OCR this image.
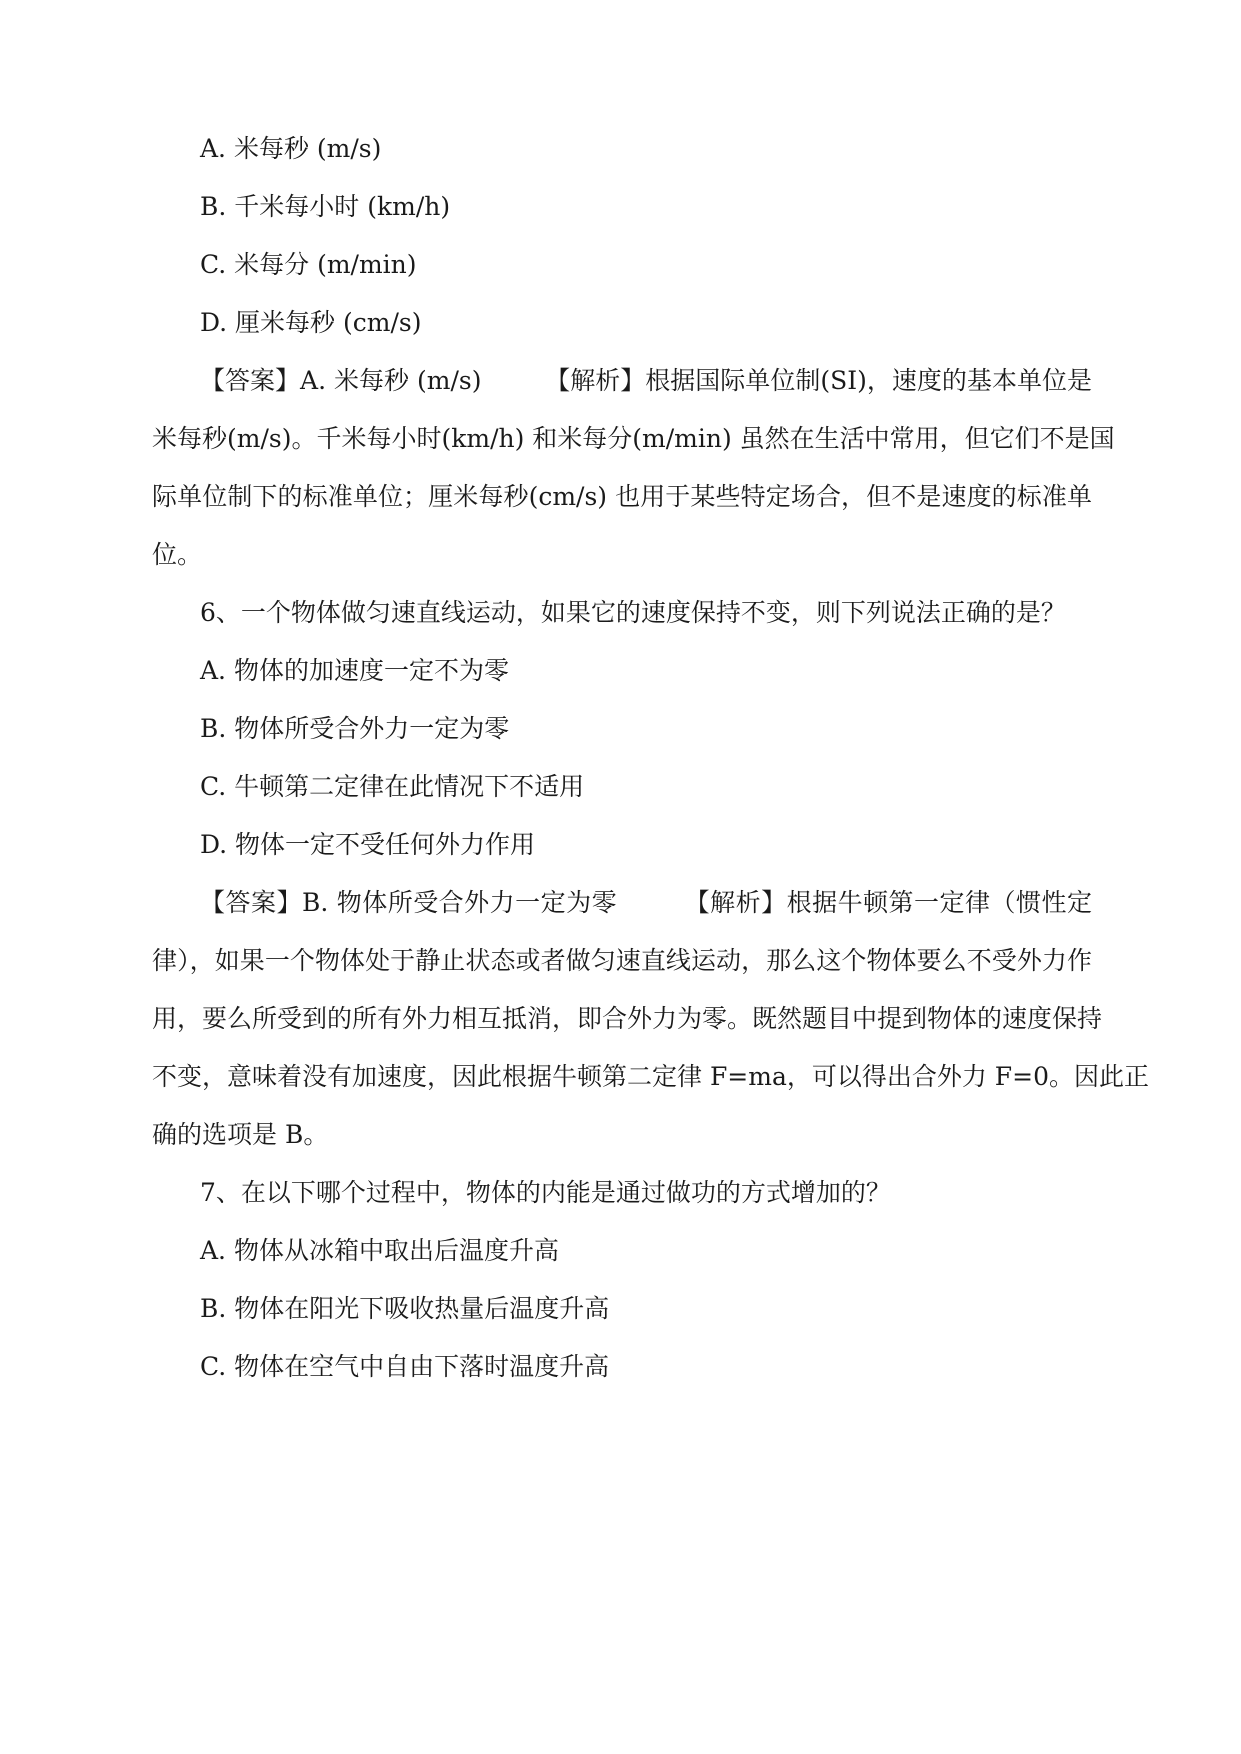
A. 米每秒 (m/s)
B. 千米每小时 (km/h)
C. 米每分 (m/min)
D. 厘米每秒 (cm/s)
【答案】A. 米每秒 (m/s)        【解析】根据国际单位制(SI)，速度的基本单位是
米每秒(m/s)。千米每小时(km/h) 和米每分(m/min) 虽然在生活中常用，但它们不是国
际单位制下的标准单位；厘米每秒(cm/s) 也用于某些特定场合，但不是速度的标准单
位。
6、一个物体做匀速直线运动，如果它的速度保持不变，则下列说法正确的是？
A. 物体的加速度一定不为零
B. 物体所受合外力一定为零
C. 牛顿第二定律在此情况下不适用
D. 物体一定不受任何外力作用
【答案】B. 物体所受合外力一定为零        【解析】根据牛顿第一定律（惯性定
律），如果一个物体处于静止状态或者做匀速直线运动，那么这个物体要么不受外力作
用，要么所受到的所有外力相互抵消，即合外力为零。既然题目中提到物体的速度保持
不变，意味着没有加速度，因此根据牛顿第二定律 F=ma，可以得出合外力 F=0。因此正
确的选项是 B。
7、在以下哪个过程中，物体的内能是通过做功的方式增加的？
A. 物体从冰箱中取出后温度升高
B. 物体在阳光下吸收热量后温度升高
C. 物体在空气中自由下落时温度升高
